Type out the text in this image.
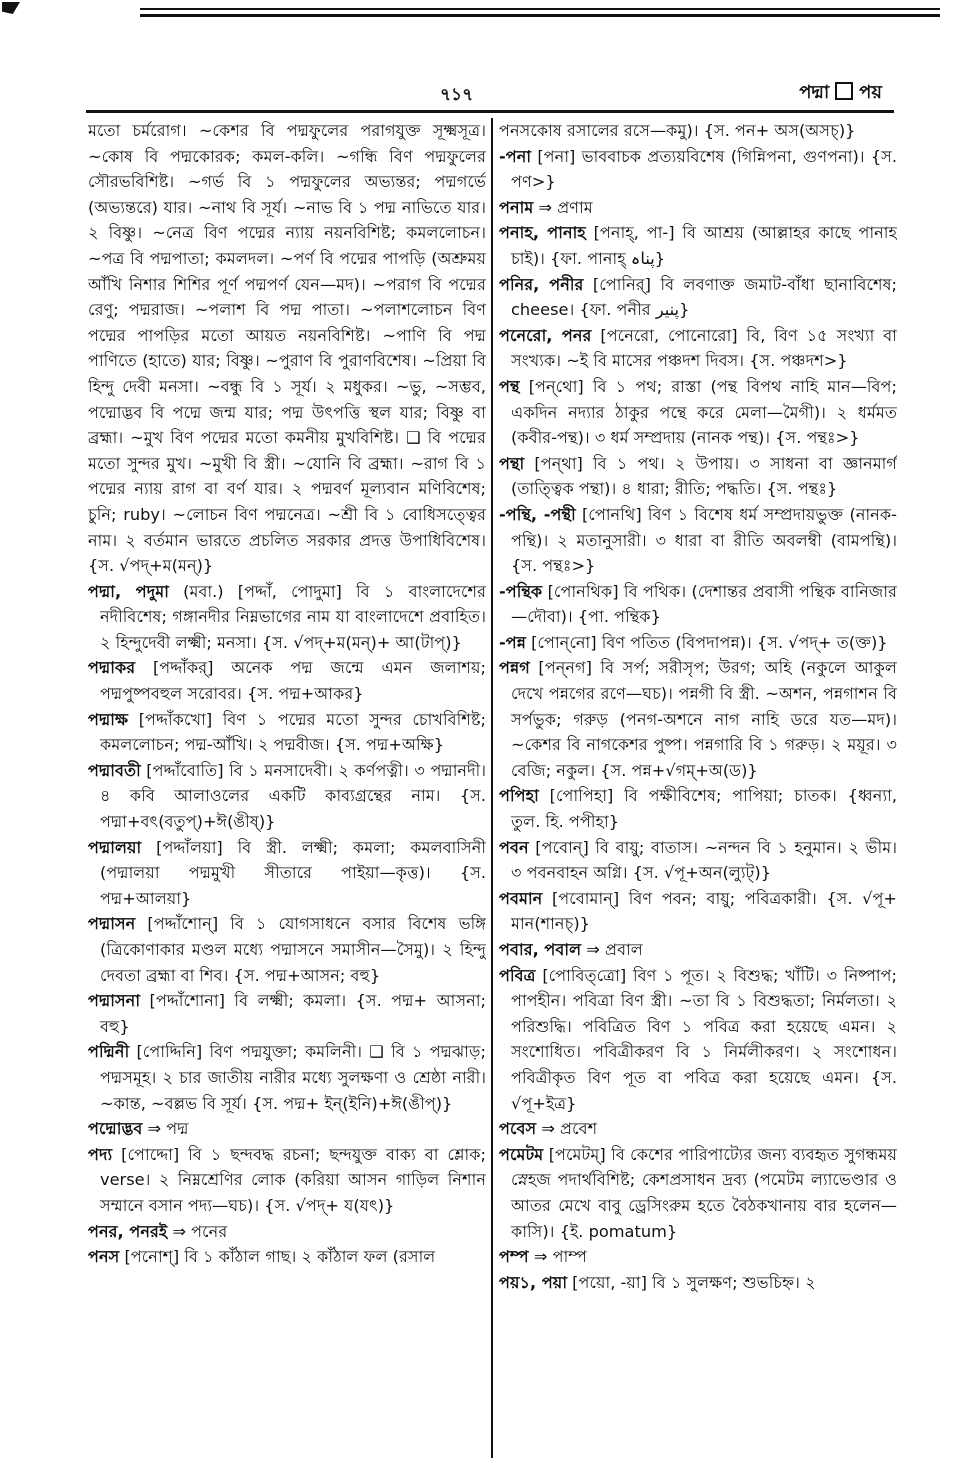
৭১৭	পদ্মা পয়

মতো চর্মরোগ। ~কেশর বি পদ্মফুলের পরাগযুক্ত সূক্ষ্মসূত্র। ~কোষ বি পদ্মকোরক; কমল-কলি। ~গন্ধি বিণ পদ্মফুলের সৌরভবিশিষ্ট। ~গর্ভ বি ১ পদ্মফুলের অভ্যন্তর; পদ্মগর্ভে (অভ্যন্তরে) যার। ~নাথ বি সূর্য। ~নাভ বি ১ পদ্ম নাভিতে যার। ২ বিষ্ণু। ~নেত্র বিণ পদ্মের ন্যায় নয়নবিশিষ্ট; কমললোচন। ~পত্র বি পদ্মপাতা; কমলদল। ~পর্ণ বি পদ্মের পাপড়ি (অশ্রুময় আঁখি নিশার শিশির পূর্ণ পদ্মপর্ণ যেন—মদ)। ~পরাগ বি পদ্মের রেণু; পদ্মরাজ। ~পলাশ বি পদ্ম পাতা। ~পলাশলোচন বিণ পদ্মের পাপড়ির মতো আয়ত নয়নবিশিষ্ট। ~পাণি বি পদ্ম পাণিতে (হাতে) যার; বিষ্ণু। ~পুরাণ বি পুরাণবিশেষ। ~প্রিয়া বি হিন্দু দেবী মনসা। ~বন্ধু বি ১ সূর্য। ২ মধুকর। ~ভু, ~সম্ভব, পদ্মোদ্ভব বি পদ্মে জন্ম যার; পদ্ম উৎপত্তি স্থল যার; বিষ্ণু বা ব্রহ্মা। ~মুখ বিণ পদ্মের মতো কমনীয় মুখবিশিষ্ট। ❑ বি পদ্মের মতো সুন্দর মুখ। ~মুখী বি স্ত্রী। ~যোনি বি ব্রহ্মা। ~রাগ বি ১ পদ্মের ন্যায় রাগ বা বর্ণ যার। ২ পদ্মবর্ণ মূল্যবান মণিবিশেষ; চুনি; ruby। ~লোচন বিণ পদ্মনেত্র। ~শ্রী বি ১ বোধিসত্ত্বের নাম। ২ বর্তমান ভারতে প্রচলিত সরকার প্রদত্ত উপাধিবিশেষ। {স. √পদ্+ম(মন্)}

পদ্মা, পদুমা (মবা.) [পদ্দাঁ, পোদুমা] বি ১ বাংলাদেশের নদীবিশেষ; গঙ্গানদীর নিম্নভাগের নাম যা বাংলাদেশে প্রবাহিত। ২ হিন্দুদেবী লক্ষ্মী; মনসা। {স. √পদ্+ম(মন্)+ আ(টাপ্)}

পদ্মাকর [পদ্দাঁকর্] অনেক পদ্ম জন্মে এমন জলাশয়; পদ্মপুষ্পবহুল সরোবর। {স. পদ্ম+আকর}

পদ্মাক্ষ [পদ্দাঁকখো] বিণ ১ পদ্মের মতো সুন্দর চোখবিশিষ্ট; কমললোচন; পদ্ম-আঁখি। ২ পদ্মবীজ। {স. পদ্ম+অক্ষি}

পদ্মাবতী [পদ্দাঁবোতি] বি ১ মনসাদেবী। ২ কর্ণপত্নী। ৩ পদ্মানদী। ৪ কবি আলাওলের একটি কাব্যগ্রন্থের নাম। {স. পদ্মা+বৎ(বতুপ্)+ঈ(ঙীষ্)}

পদ্মালয়া [পদ্দাঁলয়া] বি স্ত্রী. লক্ষ্মী; কমলা; কমলবাসিনী (পদ্মালয়া পদ্মমুখী সীতারে পাইয়া—কৃত্ত)। {স. পদ্ম+আলয়া}

পদ্মাসন [পদ্দাঁশোন্] বি ১ যোগসাধনে বসার বিশেষ ভঙ্গি (ত্রিকোণাকার মণ্ডল মধ্যে পদ্মাসনে সমাসীন—সৈমু)। ২ হিন্দু দেবতা ব্রহ্মা বা শিব। {স. পদ্ম+আসন; বহু}

পদ্মাসনা [পদ্দাঁশোনা] বি লক্ষ্মী; কমলা। {স. পদ্ম+ আসনা; বহু}

পদ্মিনী [পোদ্দিনি] বিণ পদ্মযুক্তা; কমলিনী। ❑ বি ১ পদ্মঝাড়; পদ্মসমূহ। ২ চার জাতীয় নারীর মধ্যে সুলক্ষণা ও শ্রেষ্ঠা নারী। ~কান্ত, ~বল্লভ বি সূর্য। {স. পদ্ম+ ইন্(ইনি)+ঈ(ঙীপ্)}

পদ্মোদ্ভব ⇒ পদ্ম

পদ্য [পোদ্দো] বি ১ ছন্দবদ্ধ রচনা; ছন্দযুক্ত বাক্য বা শ্লোক; verse। ২ নিম্নশ্রেণির লোক (করিয়া আসন গাড়িল নিশান সম্মানে বসান পদ্য—ঘচ)। {স. √পদ্+ য(যৎ)}

পনর, পনরই ⇒ পনের

পনস [পনোশ্] বি ১ কাঁঠাল গাছ। ২ কাঁঠাল ফল (রসাল

পনসকোষ রসালের রসে—কমু)। {স. পন+ অস(অসচ্)}

-পনা [পনা] ভাববাচক প্রত্যয়বিশেষ (গিন্নিপনা, গুণপনা)। {স. পণ>}

পনাম ⇒ প্রণাম

পনাহ, পানাহ [পনাহ্, পা-] বি আশ্রয় (আল্লাহর কাছে পানাহ চাই)। {ফা. পানাহ্ پناہ}

পনির, পনীর [পোনির্] বি লবণাক্ত জমাট-বাঁধা ছানাবিশেষ; cheese। {ফা. পনীর پنیر}

পনেরো, পনর [পনেরো, পোনোরো] বি, বিণ ১৫ সংখ্যা বা সংখ্যক। ~ই বি মাসের পঞ্চদশ দিবস। {স. পঞ্চদশ>}

পন্থ [পন্‌থো] বি ১ পথ; রাস্তা (পন্থ বিপথ নাহি মান—বিপ; একদিন নদ্যার ঠাকুর পন্থে করে মেলা—মৈগী)। ২ ধর্মমত (কবীর-পন্থ)। ৩ ধর্ম সম্প্রদায় (নানক পন্থ)। {স. পন্থঃ>}

পন্থা [পন্‌থা] বি ১ পথ। ২ উপায়। ৩ সাধনা বা জ্ঞানমার্গ (তাত্ত্বিক পন্থা)। ৪ ধারা; রীতি; পদ্ধতি। {স. পন্থঃ}

-পন্থি, -পন্থী [পোনথি] বিণ ১ বিশেষ ধর্ম সম্প্রদায়ভুক্ত (নানক-পন্থি)। ২ মতানুসারী। ৩ ধারা বা রীতি অবলম্বী (বামপন্থি)। {স. পন্থঃ>}

-পন্থিক [পোনথিক] বি পথিক। (দেশান্তর প্রবাসী পন্থিক বানিজার—দৌবা)। {পা. পন্থিক}

-পন্ন [পোন্‌নো] বিণ পতিত (বিপদাপন্ন)। {স. √পদ্+ ত(ক্ত)}

পন্নগ [পন্‌নগ] বি সর্প; সরীসৃপ; উরগ; অহি (নকুলে আকুল দেখে পন্নগের রণে—ঘচ)। পন্নগী বি স্ত্রী. ~অশন, পন্নগাশন বি সর্পভুক; গরুড় (পনগ-অশনে নাগ নাহি ডরে যত—মদ)। ~কেশর বি নাগকেশর পুষ্প। পন্নগারি বি ১ গরুড়। ২ ময়ূর। ৩ বেজি; নকুল। {স. পন্ন+√গম্+অ(ড)}

পপিহা [পোপিহা] বি পক্ষীবিশেষ; পাপিয়া; চাতক। {ধ্বন্যা, তুল. হি. পপীহা}

পবন [পবোন্] বি বায়ু; বাতাস। ~নন্দন বি ১ হনুমান। ২ ভীম। ৩ পবনবাহন অগ্নি। {স. √পূ+অন(ল্যুট্)}

পবমান [পবোমান্] বিণ পবন; বায়ু; পবিত্রকারী। {স. √পূ+ মান(শানচ্)}

পবার, পবাল ⇒ প্রবাল

পবিত্র [পোবিত্‌ত্রো] বিণ ১ পূত। ২ বিশুদ্ধ; খাঁটি। ৩ নিষ্পাপ; পাপহীন। পবিত্রা বিণ স্ত্রী। ~তা বি ১ বিশুদ্ধতা; নির্মলতা। ২ পরিশুদ্ধি। পবিত্রিত বিণ ১ পবিত্র করা হয়েছে এমন। ২ সংশোধিত। পবিত্রীকরণ বি ১ নির্মলীকরণ। ২ সংশোধন। পবিত্রীকৃত বিণ পূত বা পবিত্র করা হয়েছে এমন। {স. √পূ+ইত্র}

পবেস ⇒ প্রবেশ

পমেটম [পমেটম্] বি কেশের পারিপাট্যের জন্য ব্যবহৃত সুগন্ধময় স্নেহজ পদার্থবিশিষ্ট; কেশপ্রসাধন দ্রব্য (পমেটম ল্যাভেণ্ডার ও আতর মেখে বাবু ড্রেসিংরুম হতে বৈঠকখানায় বার হলেন—কাসি)। {ই. pomatum}

পম্প ⇒ পাম্প

পয়১, পয়া [পয়ো, -য়া] বি ১ সুলক্ষণ; শুভচিহ্ন। ২
